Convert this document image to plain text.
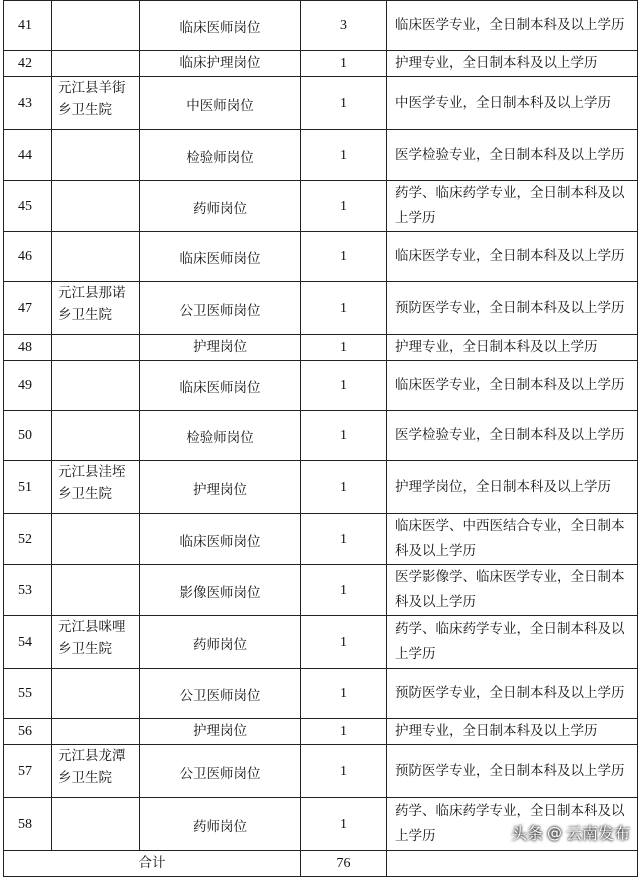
41		临床医师岗位	3	临床医学专业，全日制本科及以上学历

42		临床护理岗位	1	护理专业，全日制本科及以上学历

43	元江县羊街乡卫生院	中医师岗位	1	中医学专业，全日制本科及以上学历

44		检验师岗位	1	医学检验专业，全日制本科及以上学历

45		药师岗位	1	药学、临床药学专业，全日制本科及以上学历

46		临床医师岗位	1	临床医学专业，全日制本科及以上学历

47	元江县那诺乡卫生院	公卫医师岗位	1	预防医学专业，全日制本科及以上学历

48		护理岗位	1	护理专业，全日制本科及以上学历

49		临床医师岗位	1	临床医学专业，全日制本科及以上学历

50		检验师岗位	1	医学检验专业，全日制本科及以上学历

51	元江县洼垤乡卫生院	护理岗位	1	护理学岗位，全日制本科及以上学历

52		临床医师岗位	1	临床医学、中西医结合专业，全日制本科及以上学历

53		影像医师岗位	1	医学影像学、临床医学专业，全日制本科及以上学历

54	元江县咪哩乡卫生院	药师岗位	1	药学、临床药学专业，全日制本科及以上学历

55		公卫医师岗位	1	预防医学专业，全日制本科及以上学历

56		护理岗位	1	护理专业，全日制本科及以上学历

57	元江县龙潭乡卫生院	公卫医师岗位	1	预防医学专业，全日制本科及以上学历

58		药师岗位	1	药学、临床药学专业，全日制本科及以上学历

合计			76	
头条 @ 云南发布
